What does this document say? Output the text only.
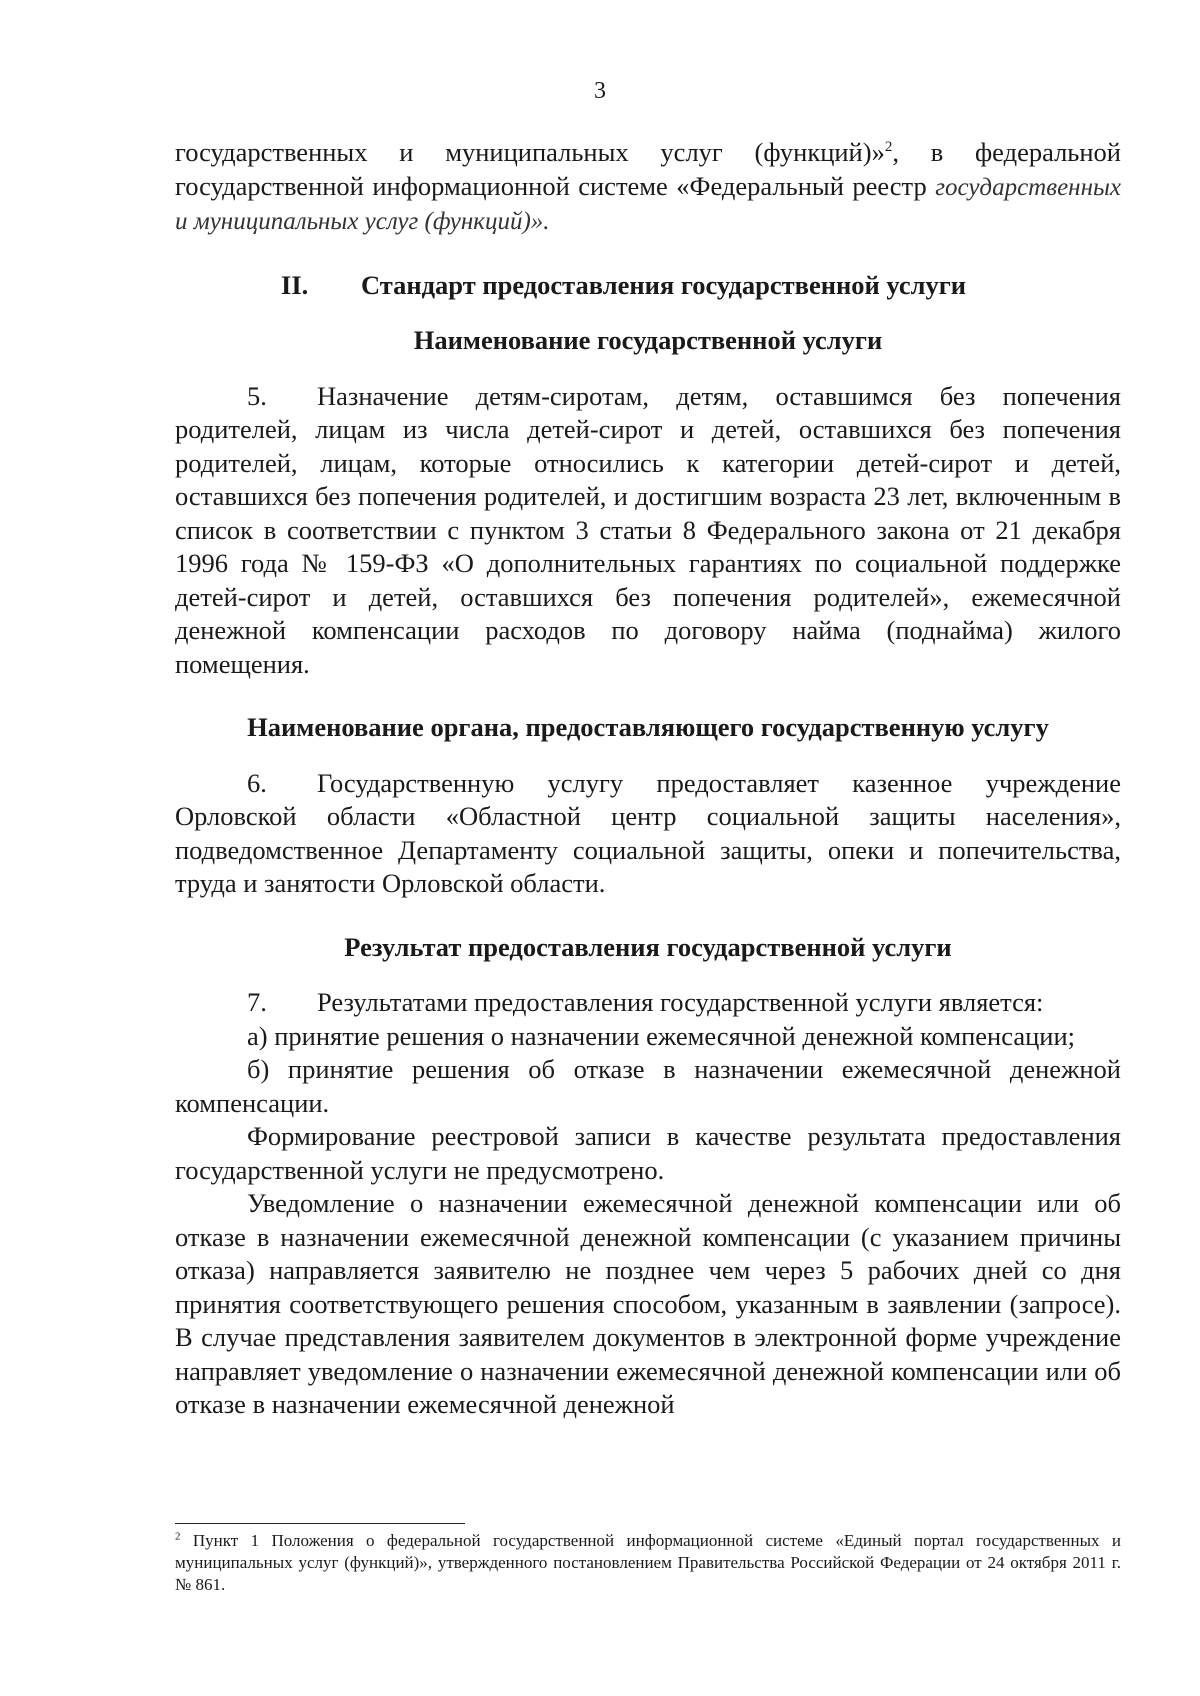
3

государственных и муниципальных услуг (функций)»$^2$, в федеральной государственной информационной системе «Федеральный реестр государственных и муниципальных услуг (функций)».

II. Стандарт предоставления государственной услуги

Наименование государственной услуги

5. Назначение детям-сиротам, детям, оставшимся без попечения родителей, лицам из числа детей-сирот и детей, оставшихся без попечения родителей, лицам, которые относились к категории детей-сирот и детей, оставшихся без попечения родителей, и достигшим возраста 23 лет, включенным в список в соответствии с пунктом 3 статьи 8 Федерального закона от 21 декабря 1996 года № 159-ФЗ «О дополнительных гарантиях по социальной поддержке детей-сирот и детей, оставшихся без попечения родителей», ежемесячной денежной компенсации расходов по договору найма (поднайма) жилого помещения.

Наименование органа, предоставляющего государственную услугу

6. Государственную услугу предоставляет казенное учреждение Орловской области «Областной центр социальной защиты населения», подведомственное Департаменту социальной защиты, опеки и попечительства, труда и занятости Орловской области.

Результат предоставления государственной услуги

7. Результатами предоставления государственной услуги является:

а) принятие решения о назначении ежемесячной денежной компенсации;

б) принятие решения об отказе в назначении ежемесячной денежной компенсации.

Формирование реестровой записи в качестве результата предоставления государственной услуги не предусмотрено.

Уведомление о назначении ежемесячной денежной компенсации или об отказе в назначении ежемесячной денежной компенсации (с указанием причины отказа) направляется заявителю не позднее чем через 5 рабочих дней со дня принятия соответствующего решения способом, указанным в заявлении (запросе). В случае представления заявителем документов в электронной форме учреждение направляет уведомление о назначении ежемесячной денежной компенсации или об отказе в назначении ежемесячной денежной

$^2$ Пункт 1 Положения о федеральной государственной информационной системе «Единый портал государственных и муниципальных услуг (функций)», утвержденного постановлением Правительства Российской Федерации от 24 октября 2011 г. № 861.
